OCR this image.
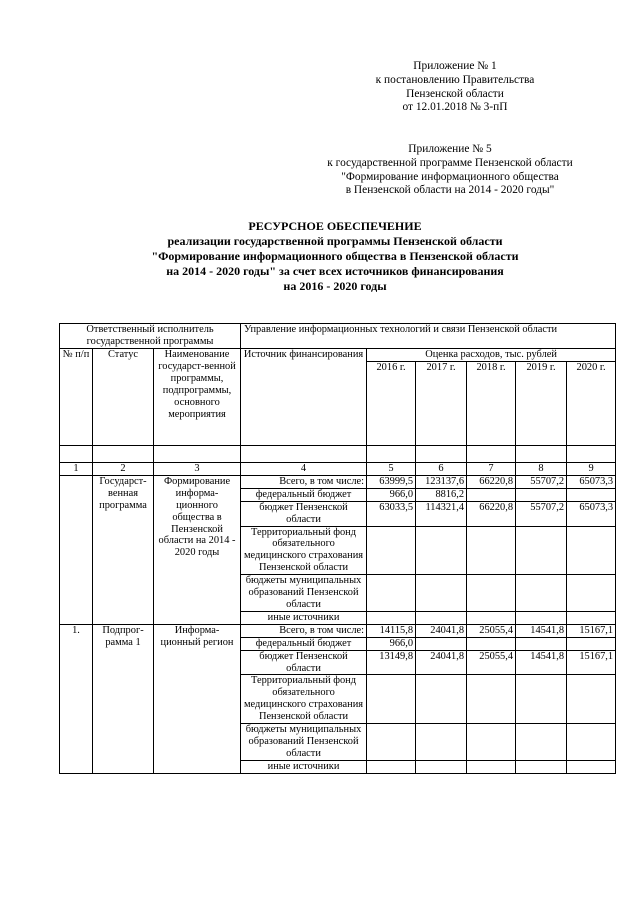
Приложение № 1
к постановлению Правительства
Пензенской области
от 12.01.2018 № 3-пП
Приложение № 5
к государственной программе Пензенской области
"Формирование информационного общества
в Пензенской области на 2014 - 2020 годы"
РЕСУРСНОЕ ОБЕСПЕЧЕНИЕ
реализации государственной программы Пензенской области
"Формирование информационного общества в Пензенской области
на 2014 - 2020 годы" за счет всех источников финансирования
на 2016 - 2020 годы
Ответственный исполнитель государственной программы			Управление информационных технологий и связи Пензенской области					
№ п/п	Статус	Наименование государст-венной программы, подпрограммы, основного мероприятия	Источник финансирования	Оценка расходов, тыс. рублей				
				2016 г.	2017 г.	2018 г.	2019 г.	2020 г.

1	2	3	4	5	6	7	8	9
	Государст-венная программа	Формирование информа-ционного общества в Пензенской области на 2014 - 2020 годы	Всего, в том числе:	63999,5	123137,6	66220,8	55707,2	65073,3
			федеральный бюджет	966,0	8816,2			
			бюджет Пензенской области	63033,5	114321,4	66220,8	55707,2	65073,3
			Территориальный фонд обязательного медицинского страхования Пензенской области					
			бюджеты муниципальных образований Пензенской области					
			иные источники					
1.	Подпрог-рамма 1	Информа-ционный регион	Всего, в том числе:	14115,8	24041,8	25055,4	14541,8	15167,1
			федеральный бюджет	966,0				
			бюджет Пензенской области	13149,8	24041,8	25055,4	14541,8	15167,1
			Территориальный фонд обязательного медицинского страхования Пензенской области					
			бюджеты муниципальных образований Пензенской области					
			иные источники					
